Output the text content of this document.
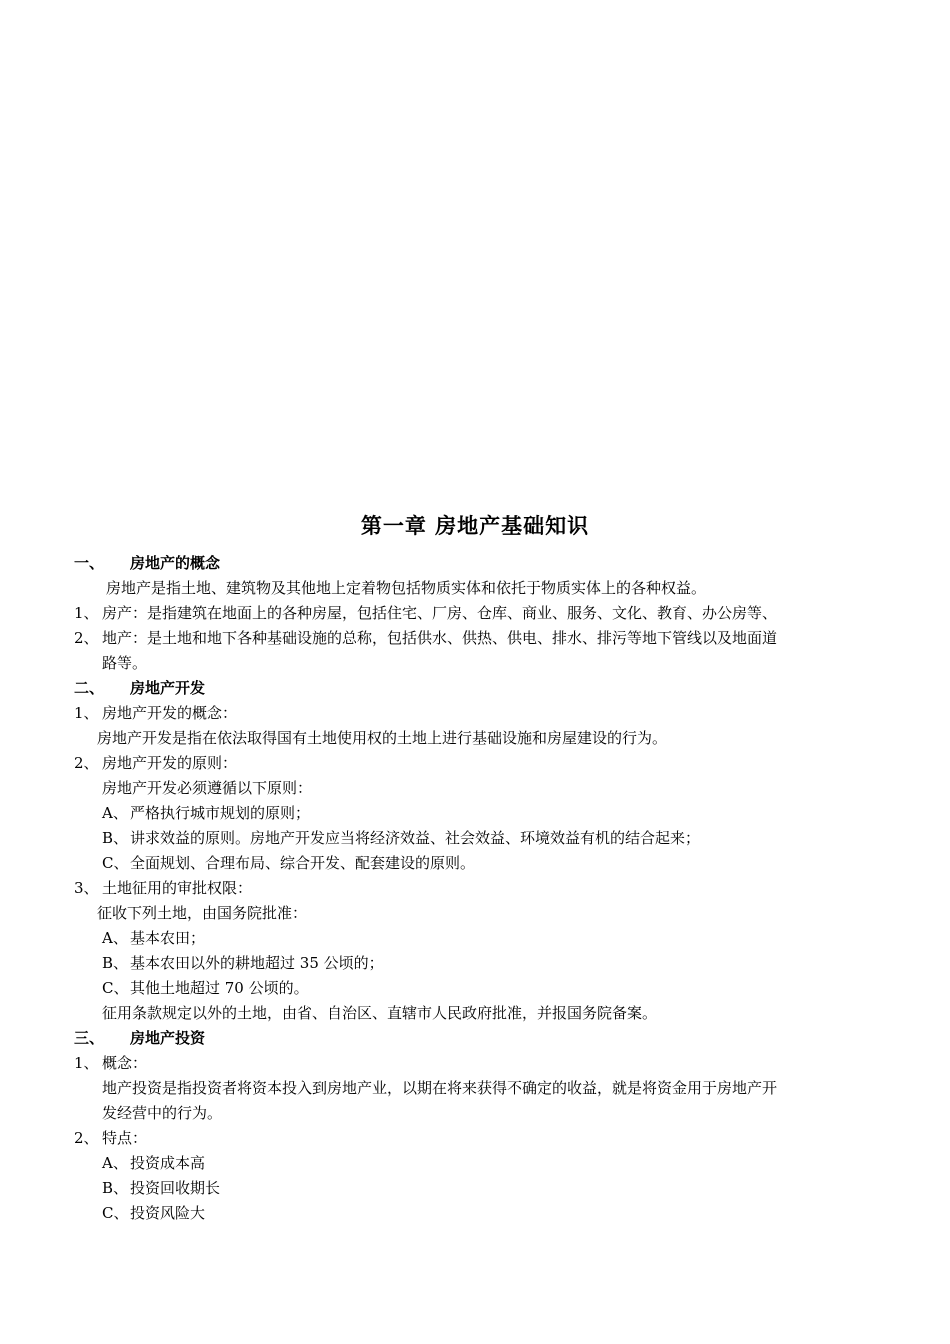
第一章 房地产基础知识
一、 房地产的概念
房地产是指土地、建筑物及其他地上定着物包括物质实体和依托于物质实体上的各种权益。
1、 房产：是指建筑在地面上的各种房屋，包括住宅、厂房、仓库、商业、服务、文化、教育、办公房等、
2、 地产：是土地和地下各种基础设施的总称，包括供水、供热、供电、排水、排污等地下管线以及地面道
路等。
二、 房地产开发
1、 房地产开发的概念：
房地产开发是指在依法取得国有土地使用权的土地上进行基础设施和房屋建设的行为。
2、 房地产开发的原则：
房地产开发必须遵循以下原则：
A、 严格执行城市规划的原则；
B、 讲求效益的原则。房地产开发应当将经济效益、社会效益、环境效益有机的结合起来；
C、 全面规划、合理布局、综合开发、配套建设的原则。
3、 土地征用的审批权限：
征收下列土地，由国务院批准：
A、 基本农田；
B、 基本农田以外的耕地超过 35 公顷的；
C、 其他土地超过 70 公顷的。
征用条款规定以外的土地，由省、自治区、直辖市人民政府批准，并报国务院备案。
三、 房地产投资
1、 概念：
地产投资是指投资者将资本投入到房地产业，以期在将来获得不确定的收益，就是将资金用于房地产开
发经营中的行为。
2、 特点：
A、 投资成本高
B、 投资回收期长
C、 投资风险大
